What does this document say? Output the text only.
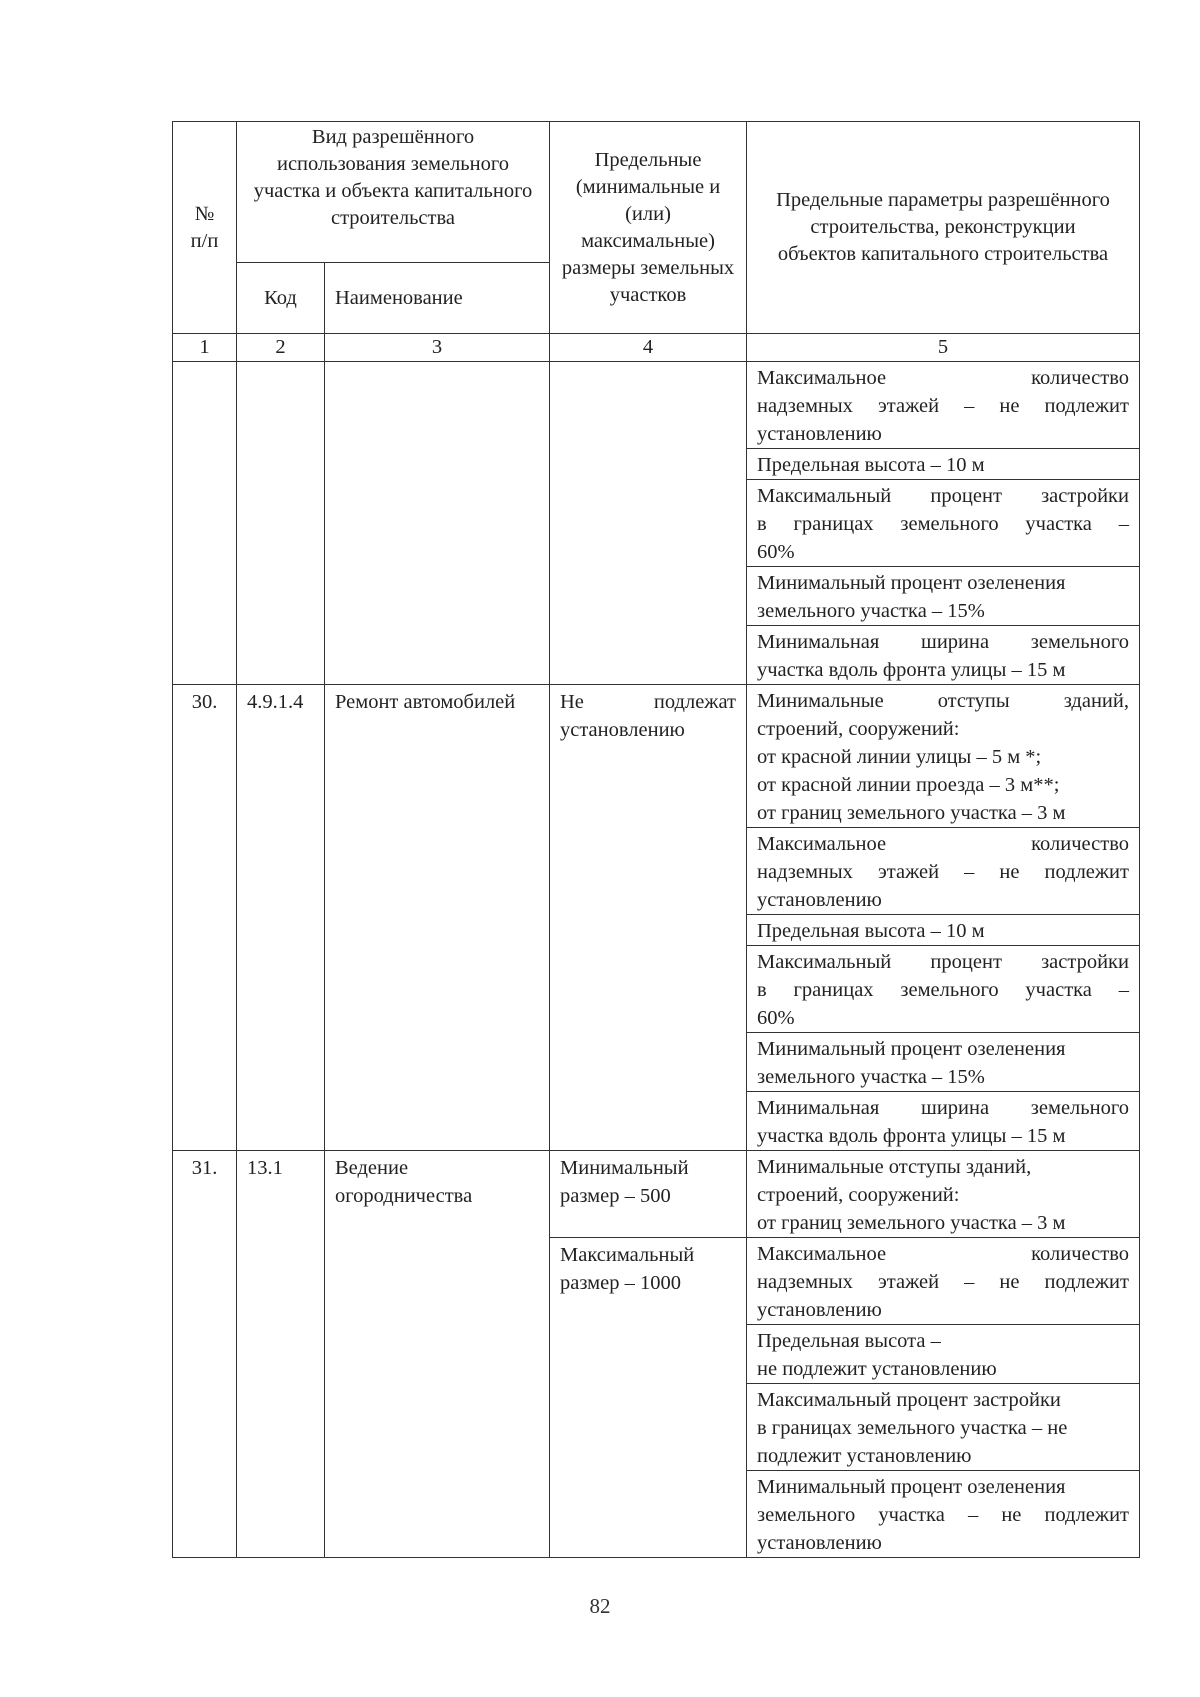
№
п/п	Вид разрешённого использования земельного участка и объекта капитального строительства		Предельные (минимальные и (или) максимальные) размеры земельных участков	Предельные параметры разрешённого строительства, реконструкции объектов капитального строительства
	Код	Наименование		
1	2	3	4	5

				Максимальное количество
надземных этажей – не подлежит
установлению

				Предельная высота – 10 м

				Максимальный процент застройки
в границах земельного участка –
60%

				Минимальный процент озеленения
земельного участка – 15%

				Минимальная ширина земельного
участка вдоль фронта улицы – 15 м

30.	4.9.1.4	Ремонт автомобилей	Не подлежат установлению	Минимальные отступы зданий,
строений, сооружений:
от красной линии улицы – 5 м *;
от красной линии проезда – 3 м**;
от границ земельного участка – 3 м

				Максимальное количество
надземных этажей – не подлежит
установлению

				Предельная высота – 10 м

				Максимальный процент застройки
в границах земельного участка –
60%

				Минимальный процент озеленения
земельного участка – 15%

				Минимальная ширина земельного
участка вдоль фронта улицы – 15 м

31.	13.1	Ведение огородничества	Минимальный размер – 500	Минимальные отступы зданий,
строений, сооружений:
от границ земельного участка – 3 м

			Максимальный размер – 1000	Максимальное количество
надземных этажей – не подлежит
установлению

				Предельная высота –
не подлежит установлению

				Максимальный процент застройки
в границах земельного участка – не
подлежит установлению

				Минимальный процент озеленения
земельного участка – не подлежит
установлению
82
